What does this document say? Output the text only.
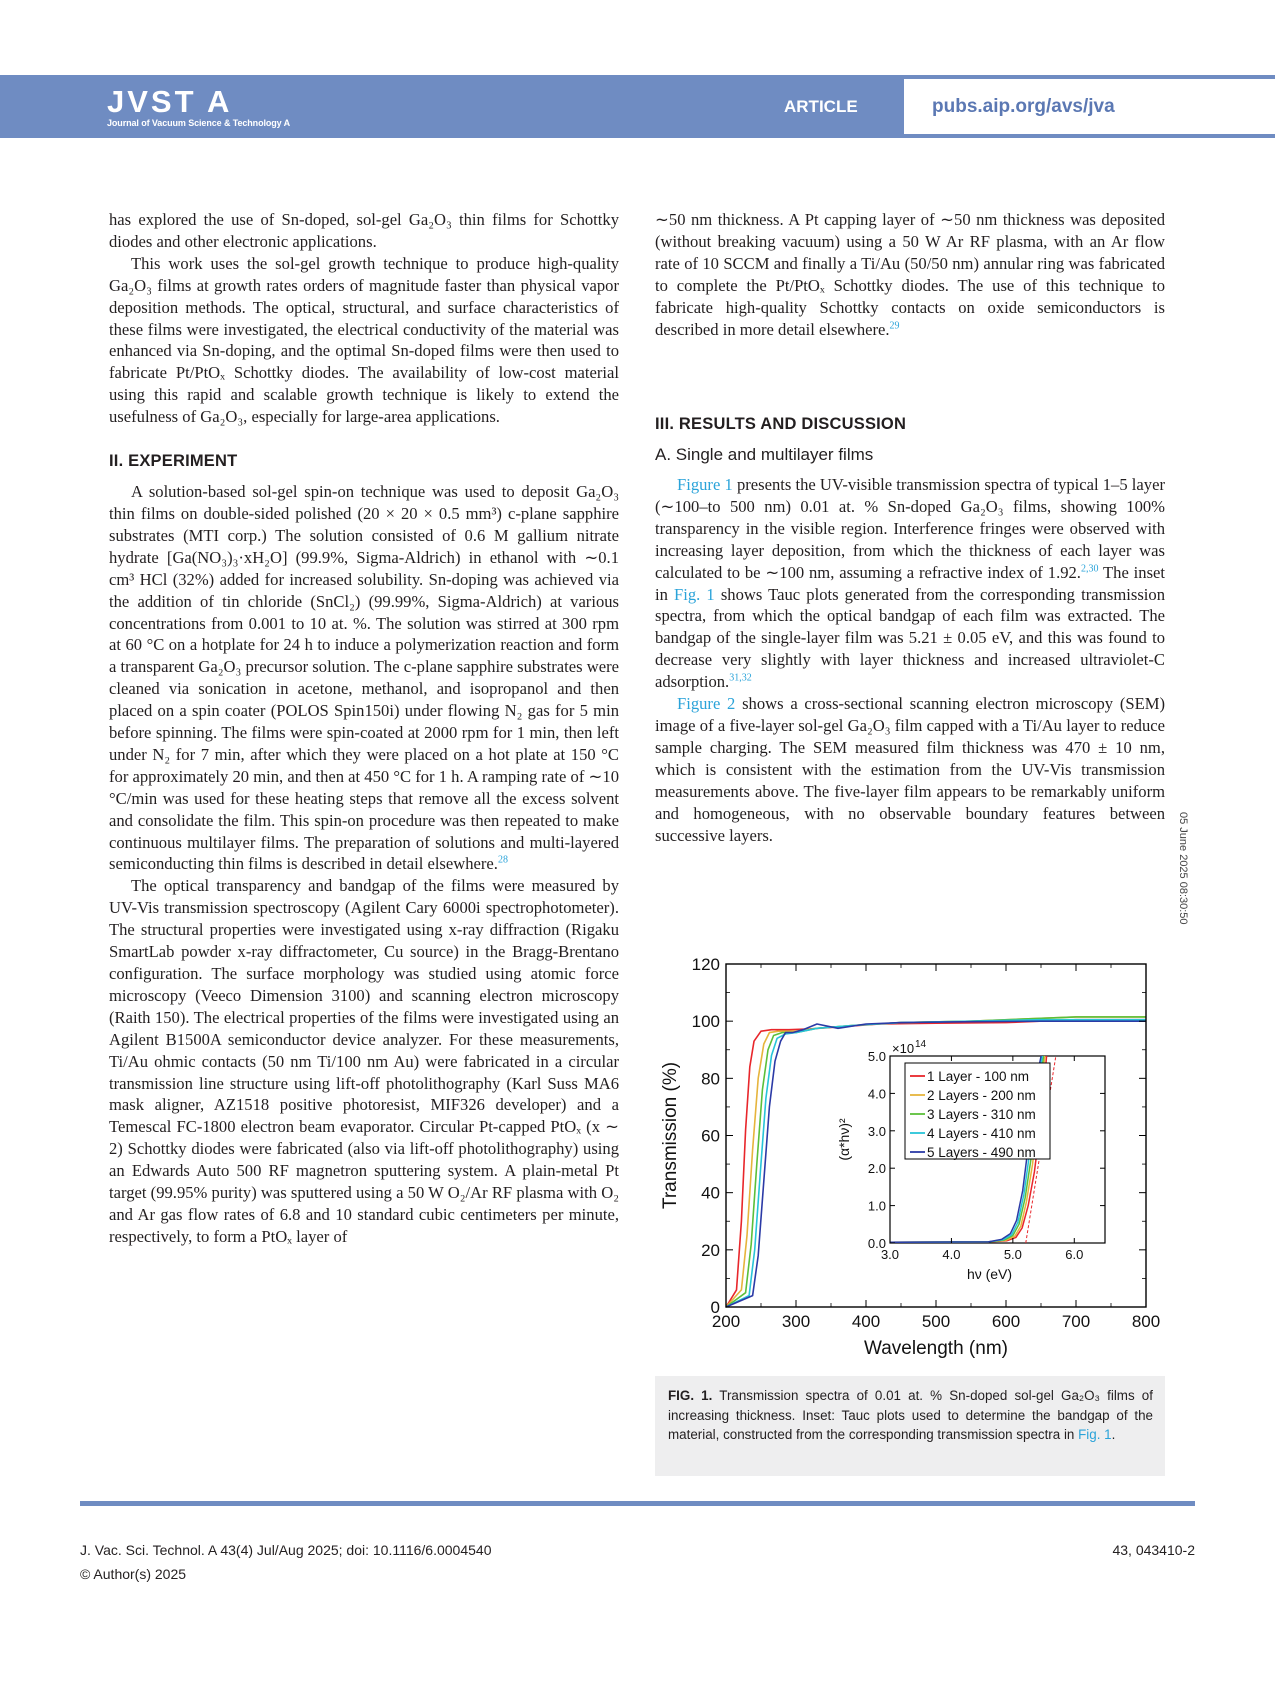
JVST A
Journal of Vacuum Science & Technology A
ARTICLE	pubs.aip.org/avs/jva

has explored the use of Sn-doped, sol-gel Ga₂O₃ thin films for Schottky diodes and other electronic applications.

This work uses the sol-gel growth technique to produce high-quality Ga₂O₃ films at growth rates orders of magnitude faster than physical vapor deposition methods. The optical, structural, and surface characteristics of these films were investigated, the electrical conductivity of the material was enhanced via Sn-doping, and the optimal Sn-doped films were then used to fabricate Pt/PtOₓ Schottky diodes. The availability of low-cost material using this rapid and scalable growth technique is likely to extend the usefulness of Ga₂O₃, especially for large-area applications.

II. EXPERIMENT

A solution-based sol-gel spin-on technique was used to deposit Ga₂O₃ thin films on double-sided polished (20 × 20 × 0.5 mm³) c-plane sapphire substrates (MTI corp.) The solution consisted of 0.6 M gallium nitrate hydrate [Ga(NO₃)₃·xH₂O] (99.9%, Sigma-Aldrich) in ethanol with ∼0.1 cm³ HCl (32%) added for increased solubility. Sn-doping was achieved via the addition of tin chloride (SnCl₂) (99.99%, Sigma-Aldrich) at various concentrations from 0.001 to 10 at. %. The solution was stirred at 300 rpm at 60 °C on a hotplate for 24 h to induce a polymerization reaction and form a transparent Ga₂O₃ precursor solution. The c-plane sapphire substrates were cleaned via sonication in acetone, methanol, and isopropanol and then placed on a spin coater (POLOS Spin150i) under flowing N₂ gas for 5 min before spinning. The films were spin-coated at 2000 rpm for 1 min, then left under N₂ for 7 min, after which they were placed on a hot plate at 150 °C for approximately 20 min, and then at 450 °C for 1 h. A ramping rate of ∼10 °C/min was used for these heating steps that remove all the excess solvent and consolidate the film. This spin-on procedure was then repeated to make continuous multilayer films. The preparation of solutions and multi-layered semiconducting thin films is described in detail elsewhere.$^{28}$

The optical transparency and bandgap of the films were measured by UV-Vis transmission spectroscopy (Agilent Cary 6000i spectrophotometer). The structural properties were investigated using x-ray diffraction (Rigaku SmartLab powder x-ray diffractometer, Cu source) in the Bragg-Brentano configuration. The surface morphology was studied using atomic force microscopy (Veeco Dimension 3100) and scanning electron microscopy (Raith 150). The electrical properties of the films were investigated using an Agilent B1500A semiconductor device analyzer. For these measurements, Ti/Au ohmic contacts (50 nm Ti/100 nm Au) were fabricated in a circular transmission line structure using lift-off photolithography (Karl Suss MA6 mask aligner, AZ1518 positive photoresist, MIF326 developer) and a Temescal FC-1800 electron beam evaporator. Circular Pt-capped PtOₓ (x ∼ 2) Schottky diodes were fabricated (also via lift-off photolithography) using an Edwards Auto 500 RF magnetron sputtering system. A plain-metal Pt target (99.95% purity) was sputtered using a 50 W O₂/Ar RF plasma with O₂ and Ar gas flow rates of 6.8 and 10 standard cubic centimeters per minute, respectively, to form a PtOₓ layer of

∼50 nm thickness. A Pt capping layer of ∼50 nm thickness was deposited (without breaking vacuum) using a 50 W Ar RF plasma, with an Ar flow rate of 10 SCCM and finally a Ti/Au (50/50 nm) annular ring was fabricated to complete the Pt/PtOₓ Schottky diodes. The use of this technique to fabricate high-quality Schottky contacts on oxide semiconductors is described in more detail elsewhere.$^{29}$

III. RESULTS AND DISCUSSION

A. Single and multilayer films

Figure 1 presents the UV-visible transmission spectra of typical 1–5 layer (∼100–to 500 nm) 0.01 at. % Sn-doped Ga₂O₃ films, showing 100% transparency in the visible region. Interference fringes were observed with increasing layer deposition, from which the thickness of each layer was calculated to be ∼100 nm, assuming a refractive index of 1.92.$^{2,30}$ The inset in Fig. 1 shows Tauc plots generated from the corresponding transmission spectra, from which the optical bandgap of each film was extracted. The bandgap of the single-layer film was 5.21 ± 0.05 eV, and this was found to decrease very slightly with layer thickness and increased ultraviolet-C adsorption.$^{31,32}$

Figure 2 shows a cross-sectional scanning electron microscopy (SEM) image of a five-layer sol-gel Ga₂O₃ film capped with a Ti/Au layer to reduce sample charging. The SEM measured film thickness was 470 ± 10 nm, which is consistent with the estimation from the UV-Vis transmission measurements above. The five-layer film appears to be remarkably uniform and homogeneous, with no observable boundary features between successive layers.	05 June 2025 08:30:50
200 300 400 500 600 700 800
0
20
40
60
80
100
120
Wavelength (nm)
Transmission (%)
3.0	4.0	5.0	6.0
0.0
1.0
2.0
3.0
4.0
5.0
×10 14
hν (eV)
(α*hν)²
1 Layer - 100 nm
2 Layers - 200 nm
3 Layers - 310 nm
4 Layers - 410 nm
5 Layers - 490 nm
FIG. 1. Transmission spectra of 0.01 at. % Sn-doped sol-gel Ga₂O₃ films of increasing thickness. Inset: Tauc plots used to determine the bandgap of the material, constructed from the corresponding transmission spectra in Fig. 1.
J. Vac. Sci. Technol. A 43(4) Jul/Aug 2025; doi: 10.1116/6.0004540
© Author(s) 2025
43, 043410-2
